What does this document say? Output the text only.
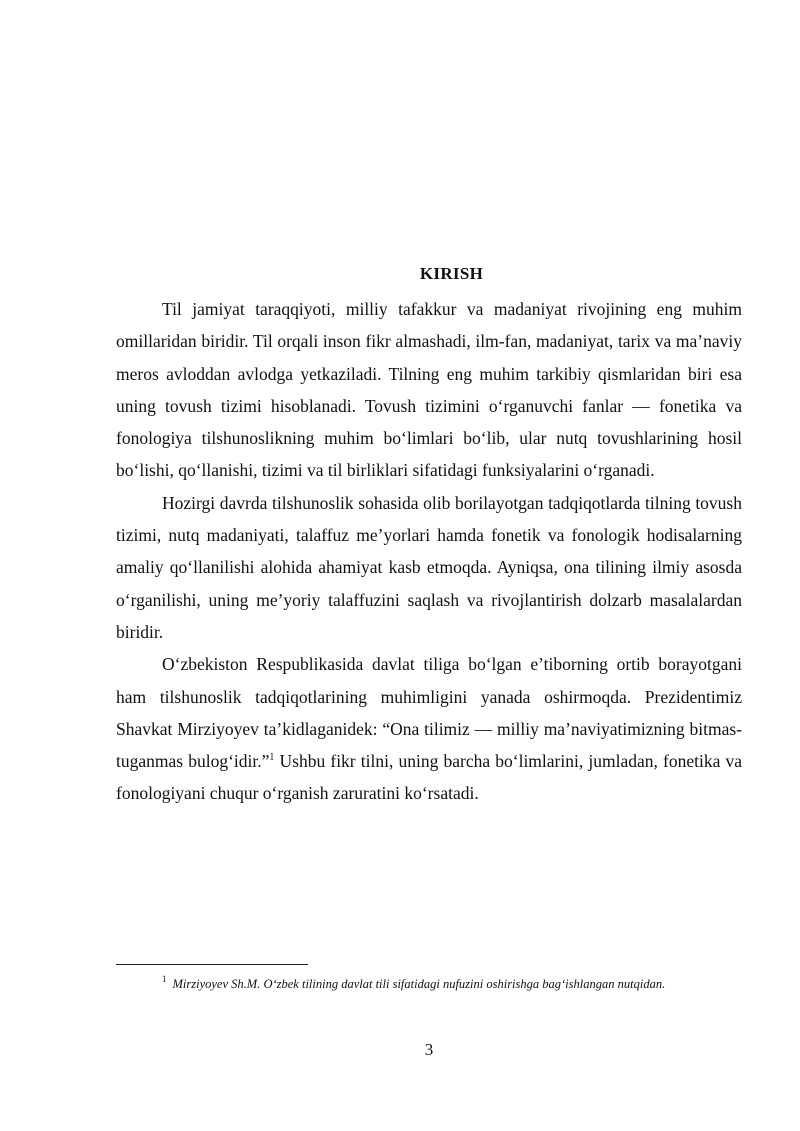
KIRISH

Til jamiyat taraqqiyoti, milliy tafakkur va madaniyat rivojining eng muhim omillaridan biridir. Til orqali inson fikr almashadi, ilm-fan, madaniyat, tarix va ma’naviy meros avloddan avlodga yetkaziladi. Tilning eng muhim tarkibiy qismlaridan biri esa uning tovush tizimi hisoblanadi. Tovush tizimini o‘rganuvchi fanlar — fonetika va fonologiya tilshunoslikning muhim bo‘limlari bo‘lib, ular nutq tovushlarining hosil bo‘lishi, qo‘llanishi, tizimi va til birliklari sifatidagi funksiyalarini o‘rganadi.

Hozirgi davrda tilshunoslik sohasida olib borilayotgan tadqiqotlarda tilning tovush tizimi, nutq madaniyati, talaffuz me’yorlari hamda fonetik va fonologik hodisalarning amaliy qo‘llanilishi alohida ahamiyat kasb etmoqda. Ayniqsa, ona tilining ilmiy asosda o‘rganilishi, uning me’yoriy talaffuzini saqlash va rivojlantirish dolzarb masalalardan biridir.

O‘zbekiston Respublikasida davlat tiliga bo‘lgan e’tiborning ortib borayotgani ham tilshunoslik tadqiqotlarining muhimligini yanada oshirmoqda. Prezidentimiz Shavkat Mirziyoyev ta’kidlaganidek: “Ona tilimiz — milliy ma’naviyatimizning bitmas-tuganmas bulog‘idir.”$^1$ Ushbu fikr tilni, uning barcha bo‘limlarini, jumladan, fonetika va fonologiyani chuqur o‘rganish zaruratini ko‘rsatadi.

$^1$ Mirziyoyev Sh.M. O‘zbek tilining davlat tili sifatidagi nufuzini oshirishga bag‘ishlangan nutqidan.
3
